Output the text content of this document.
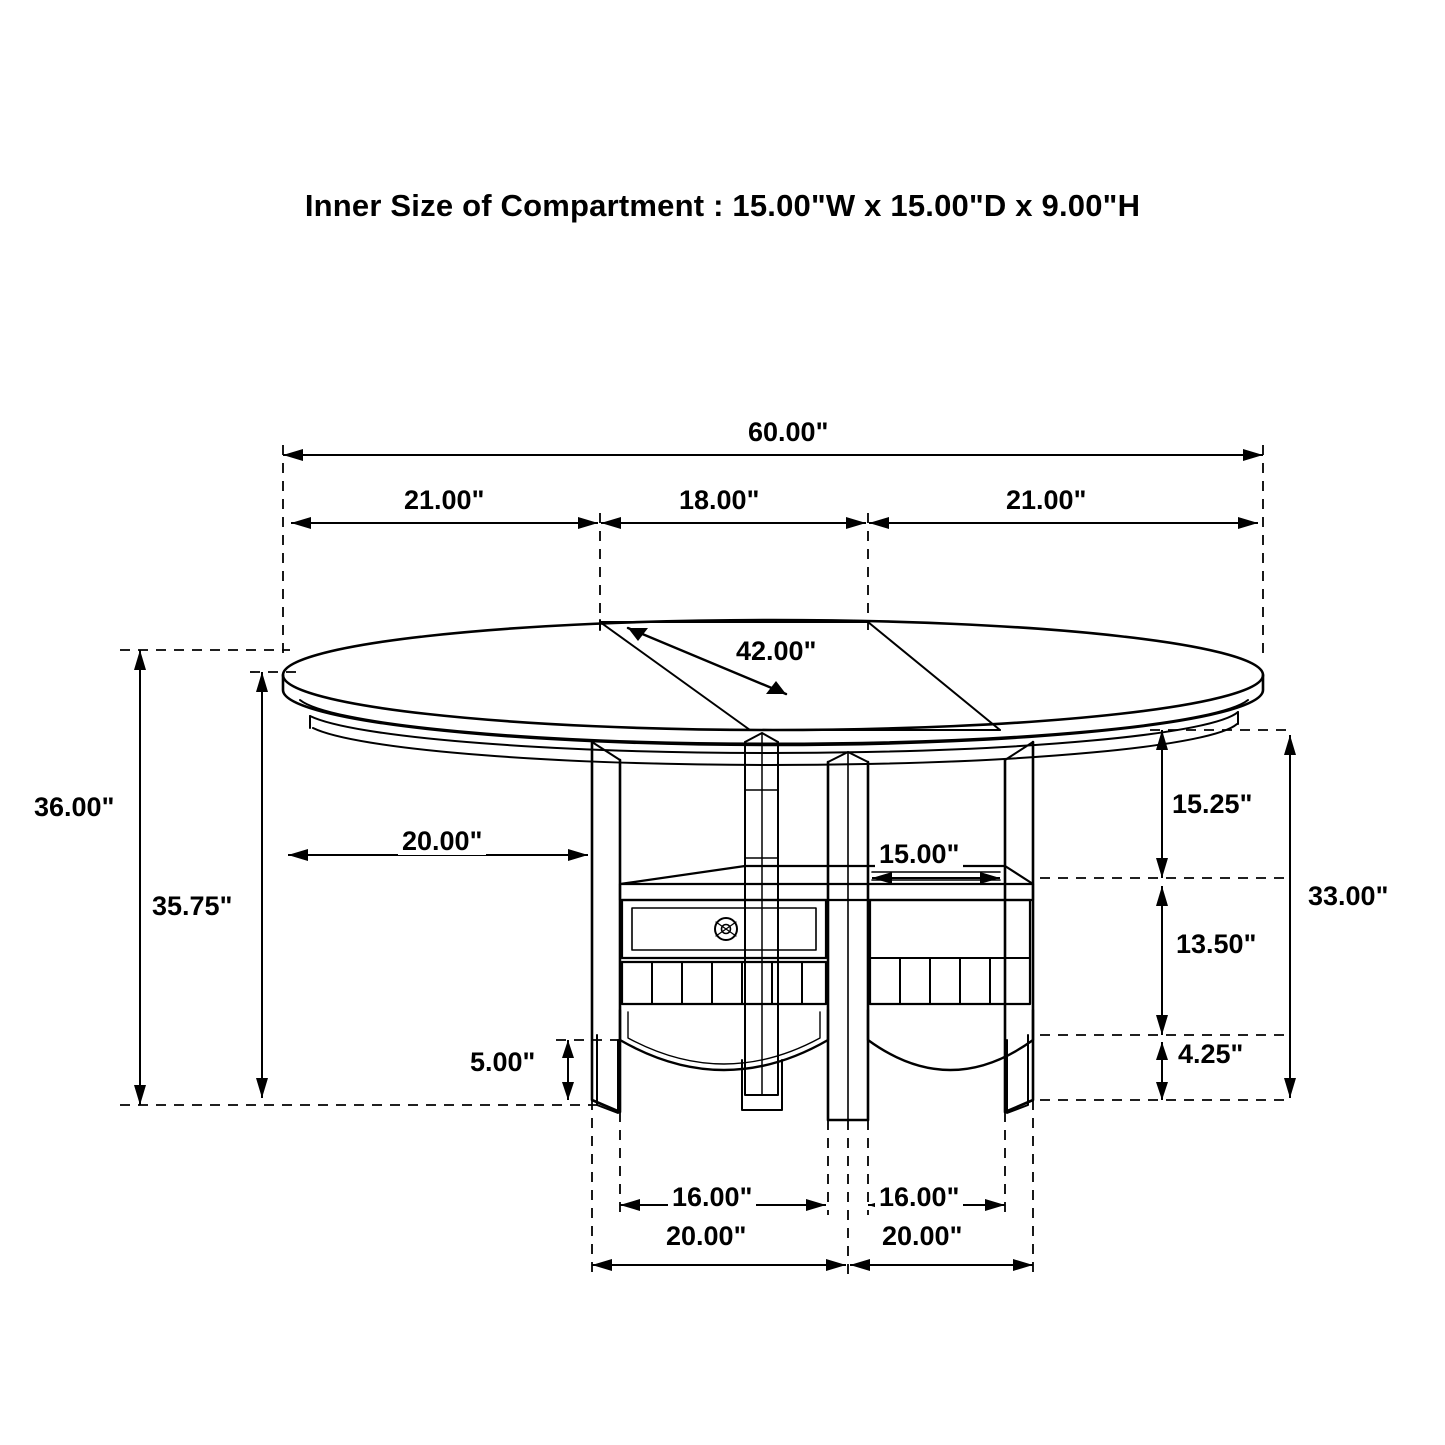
Inner Size of Compartment : 15.00"W x 15.00"D x 9.00"H
60.00"
21.00"	18.00"	21.00"
42.00"
36.00"
35.75"
20.00"	15.00"
15.25"
13.50"
4.25"
33.00"
5.00"
16.00"	16.00"
20.00"	20.00"
